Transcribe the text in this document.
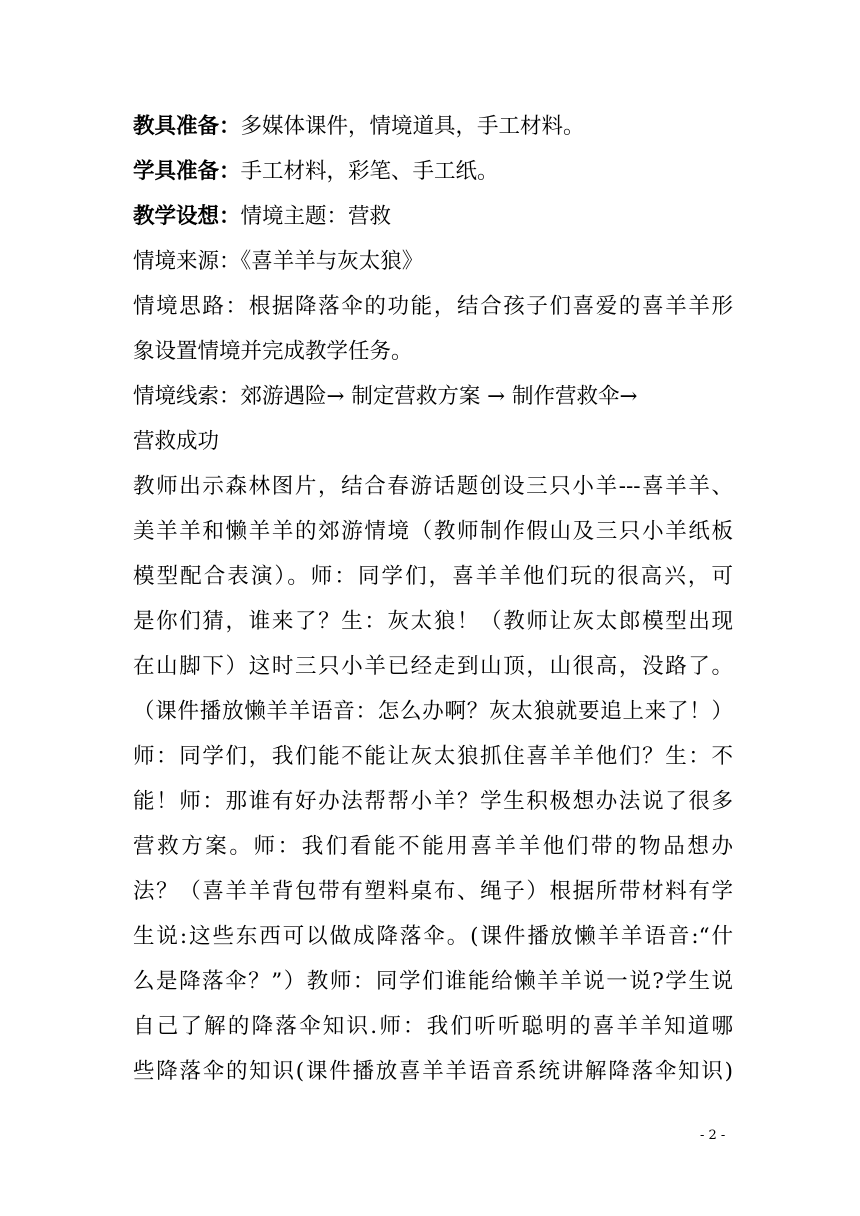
教具准备：多媒体课件，情境道具，手工材料。
学具准备：手工材料，彩笔、手工纸。
教学设想：情境主题：营救
情境来源：《喜羊羊与灰太狼》
情境思路：根据降落伞的功能，结合孩子们喜爱的喜羊羊形
象设置情境并完成教学任务。
情境线索：郊游遇险→ 制定营救方案 → 制作营救伞→
营救成功
教师出示森林图片，结合春游话题创设三只小羊---喜羊羊、
美羊羊和懒羊羊的郊游情境（教师制作假山及三只小羊纸板
模型配合表演）。师：同学们，喜羊羊他们玩的很高兴，可
是你们猜，谁来了？生：灰太狼！（教师让灰太郎模型出现
在山脚下）这时三只小羊已经走到山顶，山很高，没路了。
（课件播放懒羊羊语音：怎么办啊？灰太狼就要追上来了！）
师：同学们，我们能不能让灰太狼抓住喜羊羊他们？生：不
能！师：那谁有好办法帮帮小羊？学生积极想办法说了很多
营救方案。师：我们看能不能用喜羊羊他们带的物品想办
法？（喜羊羊背包带有塑料桌布、绳子）根据所带材料有学
生说:这些东西可以做成降落伞。(课件播放懒羊羊语音:“什
么是降落伞？”）教师：同学们谁能给懒羊羊说一说?学生说
自己了解的降落伞知识.师：我们听听聪明的喜羊羊知道哪
些降落伞的知识(课件播放喜羊羊语音系统讲解降落伞知识)
- 2 -
